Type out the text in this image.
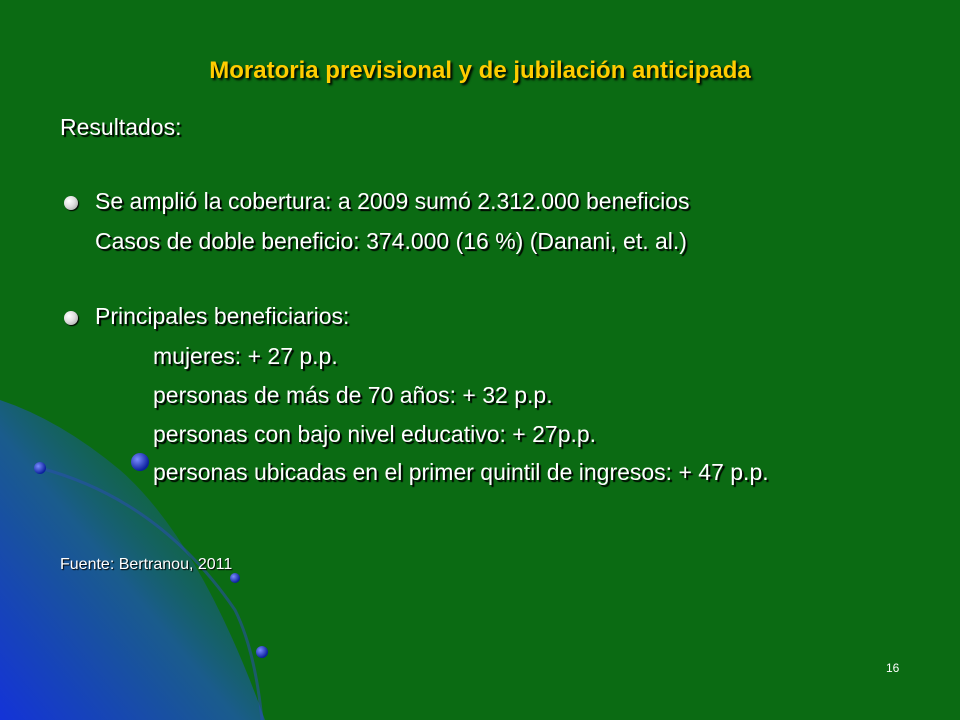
Moratoria previsional y de jubilación anticipada
Resultados:
Se amplió la cobertura: a 2009 sumó 2.312.000 beneficios
Casos de doble beneficio: 374.000 (16 %) (Danani, et. al.)
Principales beneficiarios:
mujeres: + 27 p.p.
personas de más de 70 años: + 32 p.p.
personas con bajo nivel educativo: + 27p.p.
personas ubicadas en el primer quintil de ingresos: + 47 p.p.
Fuente: Bertranou, 2011
16
